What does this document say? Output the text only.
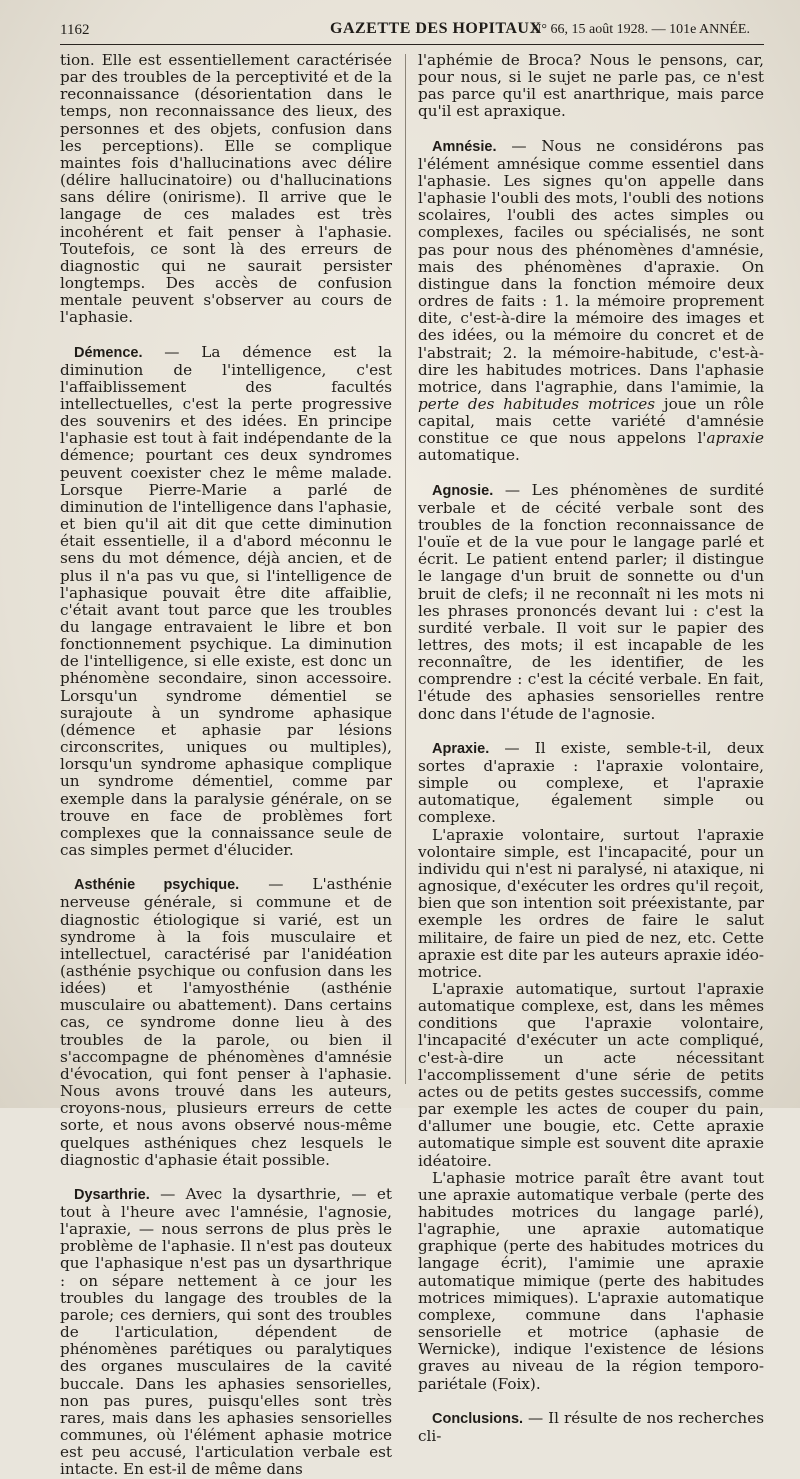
1162	GAZETTE DES HOPITAUX
N° 66, 15 août 1928. — 101e ANNÉE.

tion. Elle est essentiellement caractérisée par des troubles de la perceptivité et de la reconnaissance (désorientation dans le temps, non reconnaissance des lieux, des personnes et des objets, confusion dans les perceptions). Elle se complique maintes fois d'hallucinations avec délire (délire hallucinatoire) ou d'hallucinations sans délire (onirisme). Il arrive que le langage de ces malades est très incohérent et fait penser à l'aphasie. Toutefois, ce sont là des erreurs de diagnostic qui ne saurait persister longtemps. Des accès de confusion mentale peuvent s'observer au cours de l'aphasie.

Démence. — La démence est la diminution de l'intelligence, c'est l'affaiblissement des facultés intellectuelles, c'est la perte progressive des souvenirs et des idées. En principe l'aphasie est tout à fait indépendante de la démence; pourtant ces deux syndromes peuvent coexister chez le même malade. Lorsque Pierre-Marie a parlé de diminution de l'intelligence dans l'aphasie, et bien qu'il ait dit que cette diminution était essentielle, il a d'abord méconnu le sens du mot démence, déjà ancien, et de plus il n'a pas vu que, si l'intelligence de l'aphasique pouvait être dite affaiblie, c'était avant tout parce que les troubles du langage entravaient le libre et bon fonctionnement psychique. La diminution de l'intelligence, si elle existe, est donc un phénomène secondaire, sinon accessoire. Lorsqu'un syndrome démentiel se surajoute à un syndrome aphasique (démence et aphasie par lésions circonscrites, uniques ou multiples), lorsqu'un syndrome aphasique complique un syndrome démentiel, comme par exemple dans la paralysie générale, on se trouve en face de problèmes fort complexes que la connaissance seule de cas simples permet d'élucider.

Asthénie psychique. — L'asthénie nerveuse générale, si commune et de diagnostic étiologique si varié, est un syndrome à la fois musculaire et intellectuel, caractérisé par l'anidéation (asthénie psychique ou confusion dans les idées) et l'amyosthénie (asthénie musculaire ou abattement). Dans certains cas, ce syndrome donne lieu à des troubles de la parole, ou bien il s'accompagne de phénomènes d'amnésie d'évocation, qui font penser à l'aphasie. Nous avons trouvé dans les auteurs, croyons-nous, plusieurs erreurs de cette sorte, et nous avons observé nous-même quelques asthéniques chez lesquels le diagnostic d'aphasie était possible.

Dysarthrie. — Avec la dysarthrie, — et tout à l'heure avec l'amnésie, l'agnosie, l'apraxie, — nous serrons de plus près le problème de l'aphasie. Il n'est pas douteux que l'aphasique n'est pas un dysarthrique : on sépare nettement à ce jour les troubles du langage des troubles de la parole; ces derniers, qui sont des troubles de l'articulation, dépendent de phénomènes parétiques ou paralytiques des organes musculaires de la cavité buccale. Dans les aphasies sensorielles, non pas pures, puisqu'elles sont très rares, mais dans les aphasies sensorielles communes, où l'élément aphasie motrice est peu accusé, l'articulation verbale est intacte. En est-il de même dans

l'aphémie de Broca? Nous le pensons, car, pour nous, si le sujet ne parle pas, ce n'est pas parce qu'il est anarthrique, mais parce qu'il est apraxique.

Amnésie. — Nous ne considérons pas l'élément amnésique comme essentiel dans l'aphasie. Les signes qu'on appelle dans l'aphasie l'oubli des mots, l'oubli des notions scolaires, l'oubli des actes simples ou complexes, faciles ou spécialisés, ne sont pas pour nous des phénomènes d'amnésie, mais des phénomènes d'apraxie. On distingue dans la fonction mémoire deux ordres de faits : 1. la mémoire proprement dite, c'est-à-dire la mémoire des images et des idées, ou la mémoire du concret et de l'abstrait; 2. la mémoire-habitude, c'est-à-dire les habitudes motrices. Dans l'aphasie motrice, dans l'agraphie, dans l'amimie, la perte des habitudes motrices joue un rôle capital, mais cette variété d'amnésie constitue ce que nous appelons l'apraxie automatique.

Agnosie. — Les phénomènes de surdité verbale et de cécité verbale sont des troubles de la fonction reconnaissance de l'ouïe et de la vue pour le langage parlé et écrit. Le patient entend parler; il distingue le langage d'un bruit de sonnette ou d'un bruit de clefs; il ne reconnaît ni les mots ni les phrases prononcés devant lui : c'est la surdité verbale. Il voit sur le papier des lettres, des mots; il est incapable de les reconnaître, de les identifier, de les comprendre : c'est la cécité verbale. En fait, l'étude des aphasies sensorielles rentre donc dans l'étude de l'agnosie.

Apraxie. — Il existe, semble-t-il, deux sortes d'apraxie : l'apraxie volontaire, simple ou complexe, et l'apraxie automatique, également simple ou complexe.

L'apraxie volontaire, surtout l'apraxie volontaire simple, est l'incapacité, pour un individu qui n'est ni paralysé, ni ataxique, ni agnosique, d'exécuter les ordres qu'il reçoit, bien que son intention soit préexistante, par exemple les ordres de faire le salut militaire, de faire un pied de nez, etc. Cette apraxie est dite par les auteurs apraxie idéo-motrice.

L'apraxie automatique, surtout l'apraxie automatique complexe, est, dans les mêmes conditions que l'apraxie volontaire, l'incapacité d'exécuter un acte compliqué, c'est-à-dire un acte nécessitant l'accomplissement d'une série de petits actes ou de petits gestes successifs, comme par exemple les actes de couper du pain, d'allumer une bougie, etc. Cette apraxie automatique simple est souvent dite apraxie idéatoire.

L'aphasie motrice paraît être avant tout une apraxie automatique verbale (perte des habitudes motrices du langage parlé), l'agraphie, une apraxie automatique graphique (perte des habitudes motrices du langage écrit), l'amimie une apraxie automatique mimique (perte des habitudes motrices mimiques). L'apraxie automatique complexe, commune dans l'aphasie sensorielle et motrice (aphasie de Wernicke), indique l'existence de lésions graves au niveau de la région temporo-pariétale (Foix).

Conclusions. — Il résulte de nos recherches cli-
